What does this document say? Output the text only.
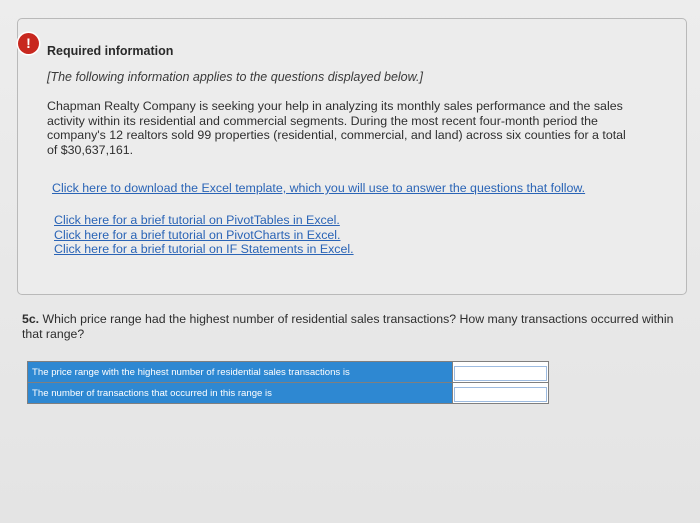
!	Required information
[The following information applies to the questions displayed below.]
Chapman Realty Company is seeking your help in analyzing its monthly sales performance and the sales activity within its residential and commercial segments. During the most recent four-month period the company's 12 realtors sold 99 properties (residential, commercial, and land) across six counties for a total of $30,637,161.
Click here to download the Excel template, which you will use to answer the questions that follow.
Click here for a brief tutorial on PivotTables in Excel.
Click here for a brief tutorial on PivotCharts in Excel.
Click here for a brief tutorial on IF Statements in Excel.
5c. Which price range had the highest number of residential sales transactions? How many transactions occurred within that range?
The price range with the highest number of residential sales transactions is	
The number of transactions that occurred in this range is	
